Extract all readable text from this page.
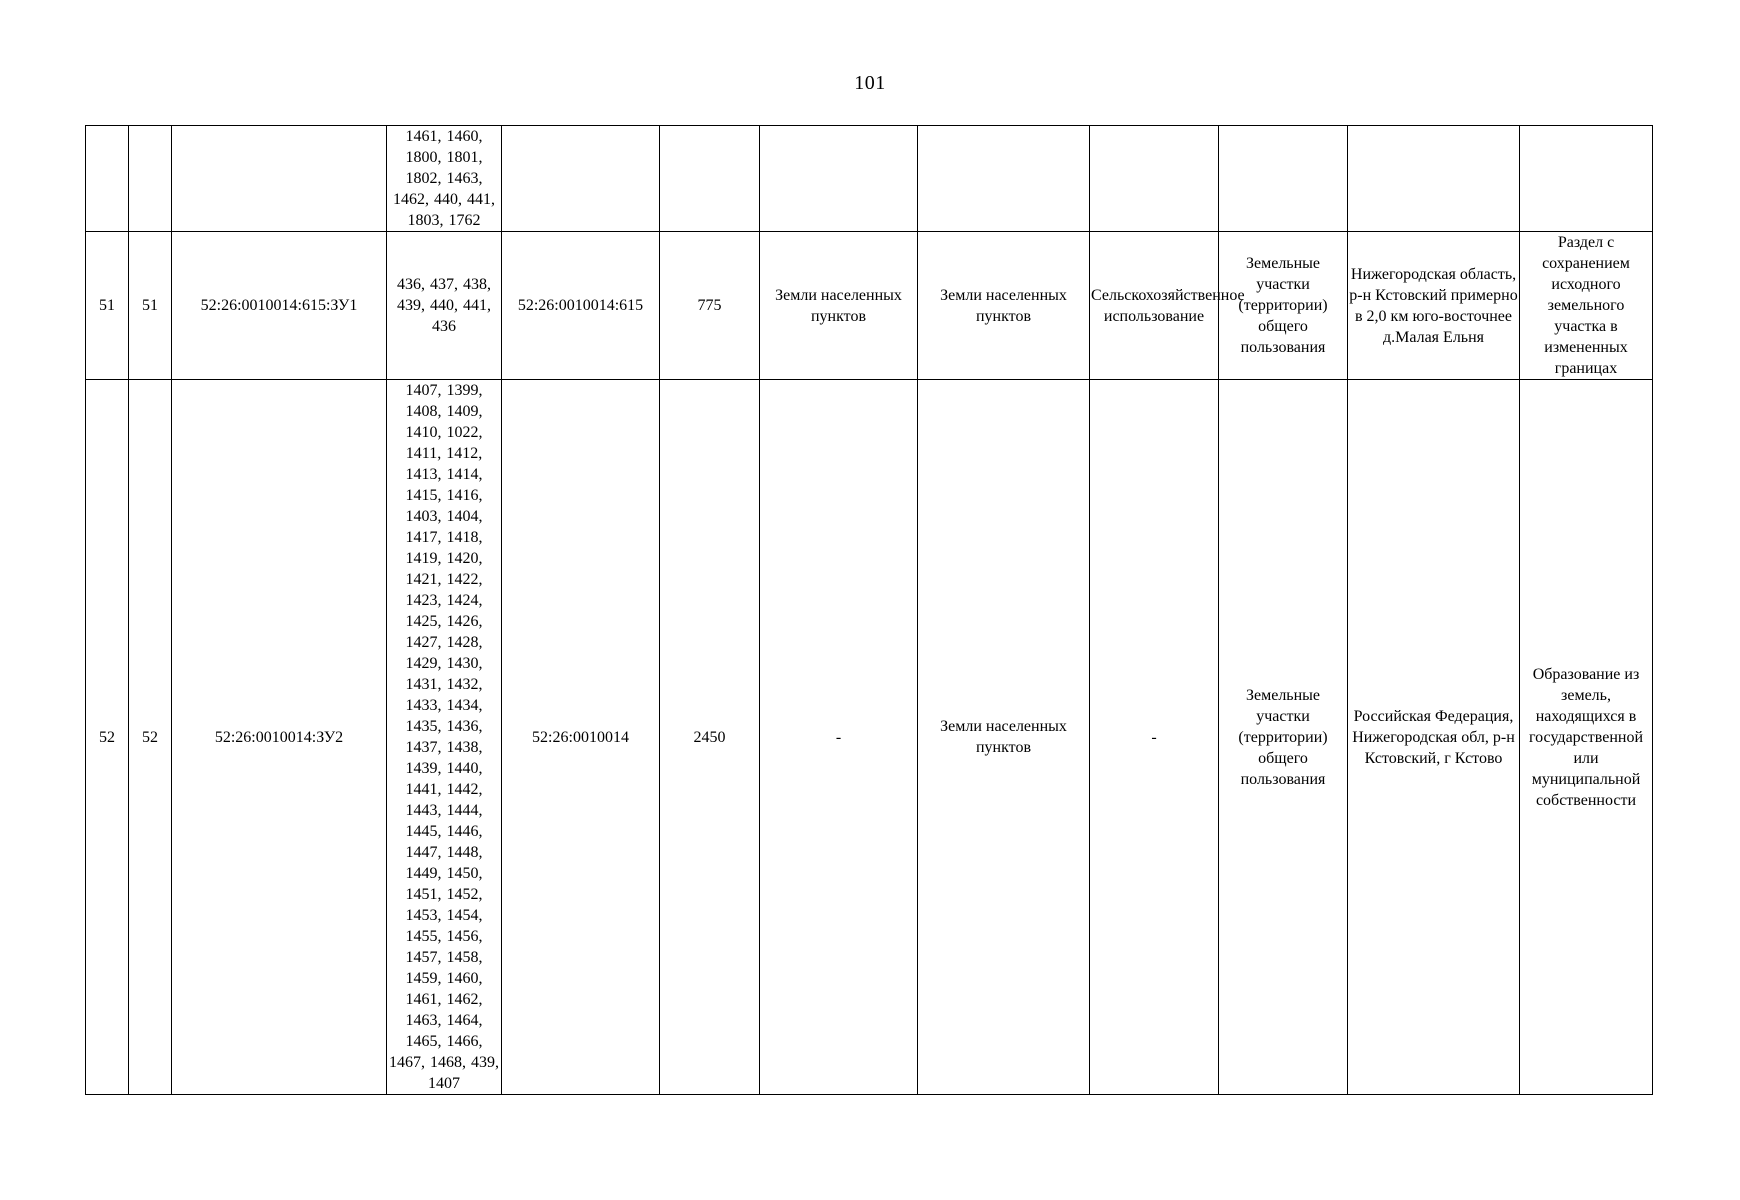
101

			1461, 1460, 1800, 1801, 1802, 1463, 1462, 440, 441, 1803, 1762								

51	51	52:26:0010014:615:ЗУ1	436, 437, 438, 439, 440, 441, 436	52:26:0010014:615	775	Земли населенных пунктов	Земли населенных пунктов	Сельскохозяйственное использование	Земельные участки (территории) общего пользования	Нижегородская область, р-н Кстовский примерно в 2,0 км юго-восточнее д.Малая Ельня	Раздел с сохранением исходного земельного участка в измененных границах
52	52	52:26:0010014:ЗУ2	1407, 1399, 1408, 1409, 1410, 1022, 1411, 1412, 1413, 1414, 1415, 1416, 1403, 1404, 1417, 1418, 1419, 1420, 1421, 1422, 1423, 1424, 1425, 1426, 1427, 1428, 1429, 1430, 1431, 1432, 1433, 1434, 1435, 1436, 1437, 1438, 1439, 1440, 1441, 1442, 1443, 1444, 1445, 1446, 1447, 1448, 1449, 1450, 1451, 1452, 1453, 1454, 1455, 1456, 1457, 1458, 1459, 1460, 1461, 1462, 1463, 1464, 1465, 1466, 1467, 1468, 439, 1407	52:26:0010014	2450	-	Земли населенных пунктов	-	Земельные участки (территории) общего пользования	Российская Федерация, Нижегородская обл, р-н Кстовский, г Кстово	Образование из земель, находящихся в государственной или муниципальной собственности
